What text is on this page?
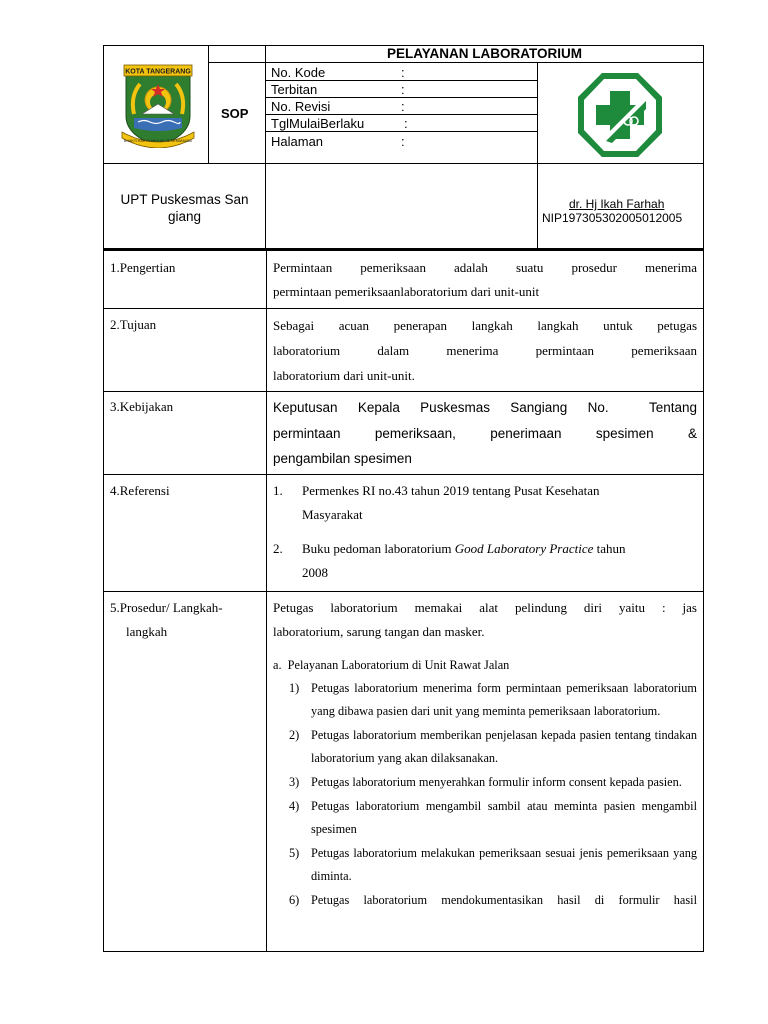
PELAYANAN LABORATORIUM
SOP
No. Kode	:
Terbitan	:
No. Revisi	:
TglMulaiBerlaku	:
Halaman	:
UPT Puskesmas San
giang
dr. Hj Ikah Farhah
NIP197305302005012005
KOTA TANGERANG
BHAKTI KARYA AKHLAK KETA MANUSIA
1.Pengertian	Permintaan pemeriksaan adalah suatu prosedur menerima

permintaan pemeriksaanlaboratorium dari unit-unit

2.Tujuan	Sebagai acuan penerapan langkah langkah untuk petugas

laboratorium dalam menerima permintaan pemeriksaan

laboratorium dari unit-unit.

3.Kebijakan	Keputusan Kepala Puskesmas Sangiang No.  Tentang

permintaan pemeriksaan, penerimaan spesimen &

pengambilan spesimen

4.Referensi	1. Permenkes RI no.43 tahun 2019 tentang Pusat Kesehatan
Masyarakat
2. Buku pedoman laboratorium Good Laboratory Practice tahun
2008
5.Prosedur/ Langkah-
langkah

Petugas laboratorium memakai alat pelindung diri yaitu : jas

laboratorium, sarung tangan dan masker.

a.  Pelayanan Laboratorium di Unit Rawat Jalan

1) Petugas laboratorium menerima form permintaan pemeriksaan laboratorium yang dibawa pasien dari unit yang meminta pemeriksaan laboratorium.
2) Petugas laboratorium memberikan penjelasan kepada pasien tentang tindakan laboratorium yang akan dilaksanakan.
3) Petugas laboratorium menyerahkan formulir inform consent kepada pasien.
4) Petugas laboratorium mengambil sambil atau meminta pasien mengambil spesimen
5) Petugas laboratorium melakukan pemeriksaan sesuai jenis pemeriksaan yang diminta.
6) Petugas laboratorium mendokumentasikan hasil di formulir hasil
